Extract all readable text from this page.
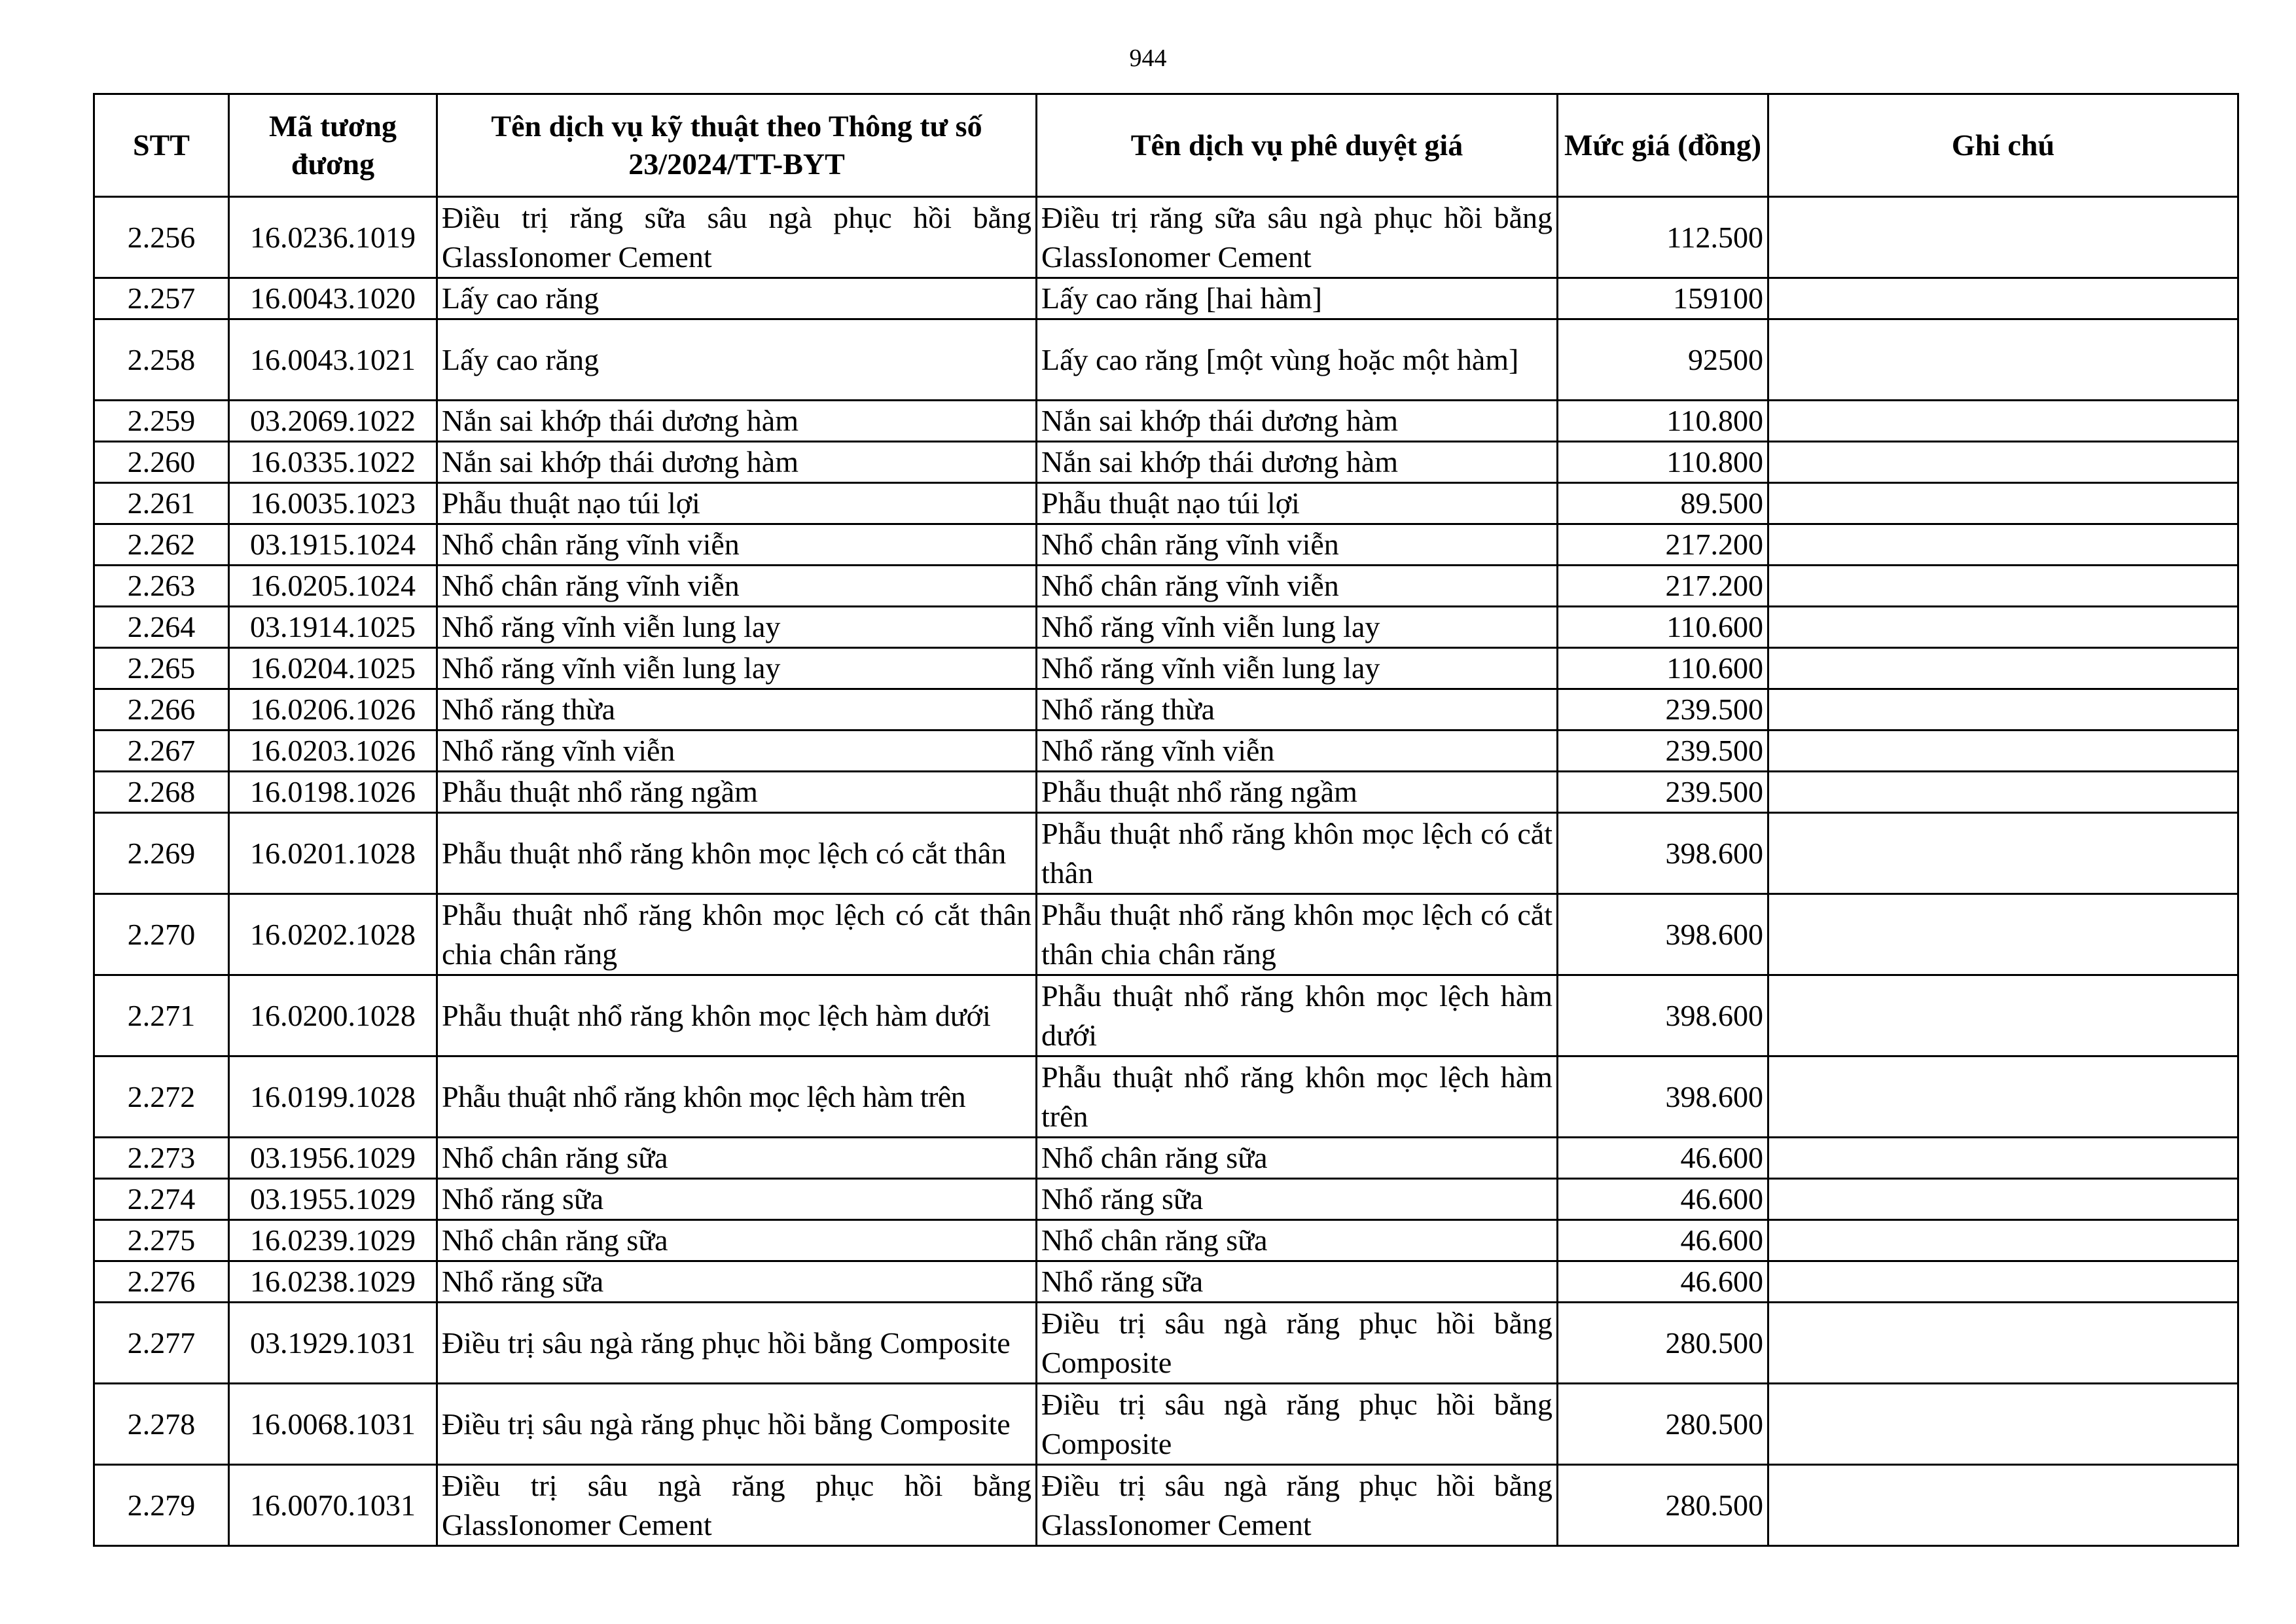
944
STT	Mã tương đương	Tên dịch vụ kỹ thuật theo Thông tư số 23/2024/TT-BYT	Tên dịch vụ phê duyệt giá	Mức giá (đồng)	Ghi chú
2.256	16.0236.1019	Điều trị răng sữa sâu ngà phục hồi bằng GlassIonomer Cement	Điều trị răng sữa sâu ngà phục hồi bằng GlassIonomer Cement	112.500	
2.257	16.0043.1020	Lấy cao răng	Lấy cao răng [hai hàm]	159100	
2.258	16.0043.1021	Lấy cao răng	Lấy cao răng [một vùng hoặc một hàm]	92500	
2.259	03.2069.1022	Nắn sai khớp thái dương hàm	Nắn sai khớp thái dương hàm	110.800	
2.260	16.0335.1022	Nắn sai khớp thái dương hàm	Nắn sai khớp thái dương hàm	110.800	
2.261	16.0035.1023	Phẫu thuật nạo túi lợi	Phẫu thuật nạo túi lợi	89.500	
2.262	03.1915.1024	Nhổ chân răng vĩnh viễn	Nhổ chân răng vĩnh viễn	217.200	
2.263	16.0205.1024	Nhổ chân răng vĩnh viễn	Nhổ chân răng vĩnh viễn	217.200	
2.264	03.1914.1025	Nhổ răng vĩnh viễn lung lay	Nhổ răng vĩnh viễn lung lay	110.600	
2.265	16.0204.1025	Nhổ răng vĩnh viễn lung lay	Nhổ răng vĩnh viễn lung lay	110.600	
2.266	16.0206.1026	Nhổ răng thừa	Nhổ răng thừa	239.500	
2.267	16.0203.1026	Nhổ răng vĩnh viễn	Nhổ răng vĩnh viễn	239.500	
2.268	16.0198.1026	Phẫu thuật nhổ răng ngầm	Phẫu thuật nhổ răng ngầm	239.500	
2.269	16.0201.1028	Phẫu thuật nhổ răng khôn mọc lệch có cắt thân	Phẫu thuật nhổ răng khôn mọc lệch có cắt thân	398.600	
2.270	16.0202.1028	Phẫu thuật nhổ răng khôn mọc lệch có cắt thân chia chân răng	Phẫu thuật nhổ răng khôn mọc lệch có cắt thân chia chân răng	398.600	
2.271	16.0200.1028	Phẫu thuật nhổ răng khôn mọc lệch hàm dưới	Phẫu thuật nhổ răng khôn mọc lệch hàm dưới	398.600	
2.272	16.0199.1028	Phẫu thuật nhổ răng khôn mọc lệch hàm trên	Phẫu thuật nhổ răng khôn mọc lệch hàm trên	398.600	
2.273	03.1956.1029	Nhổ chân răng sữa	Nhổ chân răng sữa	46.600	
2.274	03.1955.1029	Nhổ răng sữa	Nhổ răng sữa	46.600	
2.275	16.0239.1029	Nhổ chân răng sữa	Nhổ chân răng sữa	46.600	
2.276	16.0238.1029	Nhổ răng sữa	Nhổ răng sữa	46.600	
2.277	03.1929.1031	Điều trị sâu ngà răng phục hồi bằng Composite	Điều trị sâu ngà răng phục hồi bằng Composite	280.500	
2.278	16.0068.1031	Điều trị sâu ngà răng phục hồi bằng Composite	Điều trị sâu ngà răng phục hồi bằng Composite	280.500	
2.279	16.0070.1031	Điều trị sâu ngà răng phục hồi bằng GlassIonomer Cement	Điều trị sâu ngà răng phục hồi bằng GlassIonomer Cement	280.500	
